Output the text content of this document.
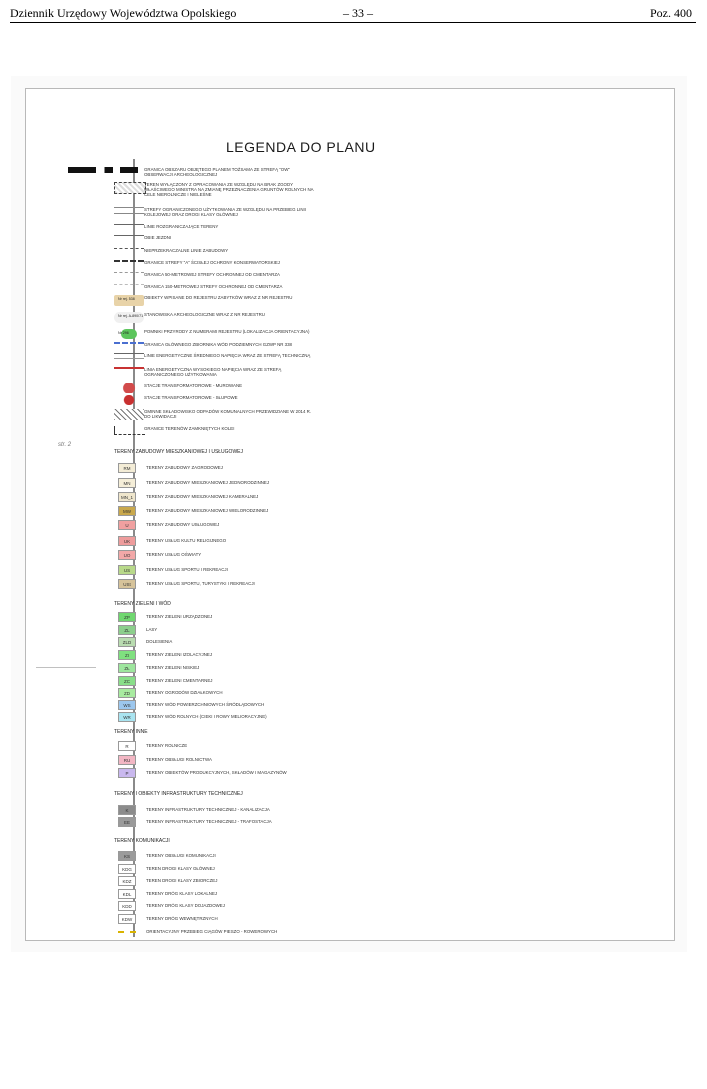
Dziennik Urzędowy Województwa Opolskiego	– 33 –	Poz. 400
LEGENDA DO PLANU
GRANICA OBSZARU OBJĘTEGO PLANEM TOŻSAMA ZE STREFĄ "OW"
OBSERWACJI ARCHEOLOGICZNEJ
TEREN WYŁĄCZONY Z OPRACOWANIA ZE WZGLĘDU NA BRAK ZGODY
WŁAŚCIWEGO MINISTRA NA ZMIANĘ PRZEZNACZENIA GRUNTÓW ROLNYCH NA
CELE NIEROLNICZE I NIELEŚNE
STREFY OGRANICZONEGO UŻYTKOWANIA ZE WZGLĘDU NA PRZEBIEG LINII
KOLEJOWEJ ORAZ DROGI KLASY GŁÓWNEJ
LINIE ROZGRANICZAJĄCE TERENY
OBIE JEZDNI
NIEPRZEKRACZALNE LINIE ZABUDOWY
GRANICE STREFY "A" ŚCISŁEJ OCHRONY KONSERWATORSKIEJ
GRANICA 50-METROWEJ STREFY OCHRONNEJ OD CMENTARZA
GRANICA 150-METROWEJ STREFY OCHRONNEJ OD CMENTARZA
Nr rej. 538 OBIEKTY WPISANE DO REJESTRU ZABYTKÓW WRAZ Z NR REJESTRU
Nr rej. A-890/71 STANOWISKA ARCHEOLOGICZNE WRAZ Z NR REJESTRU
Nr 296	POMNIKI PRZYRODY Z NUMERAMI REJESTRU (LOKALIZACJA ORIENTACYJNA)
GRANICA GŁÓWNEGO ZBIORNIKA WÓD PODZIEMNYCH GZWP NR 338
LINIE ENERGETYCZNE ŚREDNIEGO NAPIĘCIA WRAZ ZE STREFĄ TECHNICZNĄ
LINIA ENERGETYCZNA WYSOKIEGO NAPIĘCIA WRAZ ZE STREFĄ
OGRANICZONEGO UŻYTKOWANIA
STACJE TRANSFORMATOROWE - MUROWANE
STACJE TRANSFORMATOROWE - SŁUPOWE
GMINNE SKŁADOWISKO ODPADÓW KOMUNALNYCH PRZEWIDZIANE W 2014 R.
DO LIKWIDACJI
GRANICE TERENÓW ZAMKNIĘTYCH KOLEI
str. 2
TERENY ZABUDOWY MIESZKANIOWEJ I USŁUGOWEJ
RM	TERENY ZABUDOWY ZAGRODOWEJ
MN	TERENY ZABUDOWY MIESZKANIOWEJ JEDNORODZINNEJ
MN_1	TERENY ZABUDOWY MIESZKANIOWEJ KAMERALNEJ
MW	TERENY ZABUDOWY MIESZKANIOWEJ WIELORODZINNEJ
U	TERENY ZABUDOWY USŁUGOWEJ
UK	TERENY USŁUG KULTU RELIGIJNEGO
UO	TERENY USŁUG OŚWIATY
US	TERENY USŁUG SPORTU I REKREACJI
USt	TERENY USŁUG SPORTU, TURYSTYKI I REKREACJI
TERENY ZIELENI I WÓD
ZP	TERENY ZIELENI URZĄDZONEJ
ZL	LASY
ZLD	DOLESIENIA
ZI	TERENY ZIELENI IZOLACYJNEJ
ZŁ	TERENY ZIELENI NISKIEJ
ZC	TERENY ZIELENI CMENTARNEJ
ZD	TERENY OGRODÓW DZIAŁKOWYCH
WS	TERENY WÓD POWIERZCHNIOWYCH ŚRÓDLĄDOWYCH
WR	TERENY WÓD ROLNYCH (CIEKI I ROWY MELIORACYJNE)
TERENY INNE
R	TERENY ROLNICZE
RU	TERENY OBSŁUGI ROLNICTWA
P	TERENY OBIEKTÓW PRODUKCYJNYCH, SKŁADÓW I MAGAZYNÓW
TERENY I OBIEKTY INFRASTRUKTURY TECHNICZNEJ
K	TERENY INFRASTRUKTURY TECHNICZNEJ - KANALIZACJA
EE	TERENY INFRASTRUKTURY TECHNICZNEJ - TRAFOSTACJA
TERENY KOMUNIKACJI
KS	TERENY OBSŁUGI KOMUNIKACJI
KDG	TEREN DROGI KLASY GŁÓWNEJ
KDZ	TEREN DROGI KLASY ZBIORCZEJ
KDL	TERENY DRÓG KLASY LOKALNEJ
KDD	TERENY DRÓG KLASY DOJAZDOWEJ
KDW	TERENY DRÓG WEWNĘTRZNYCH
ORIENTACYJNY PRZEBIEG CIĄGÓW PIESZO - ROWEROWYCH
